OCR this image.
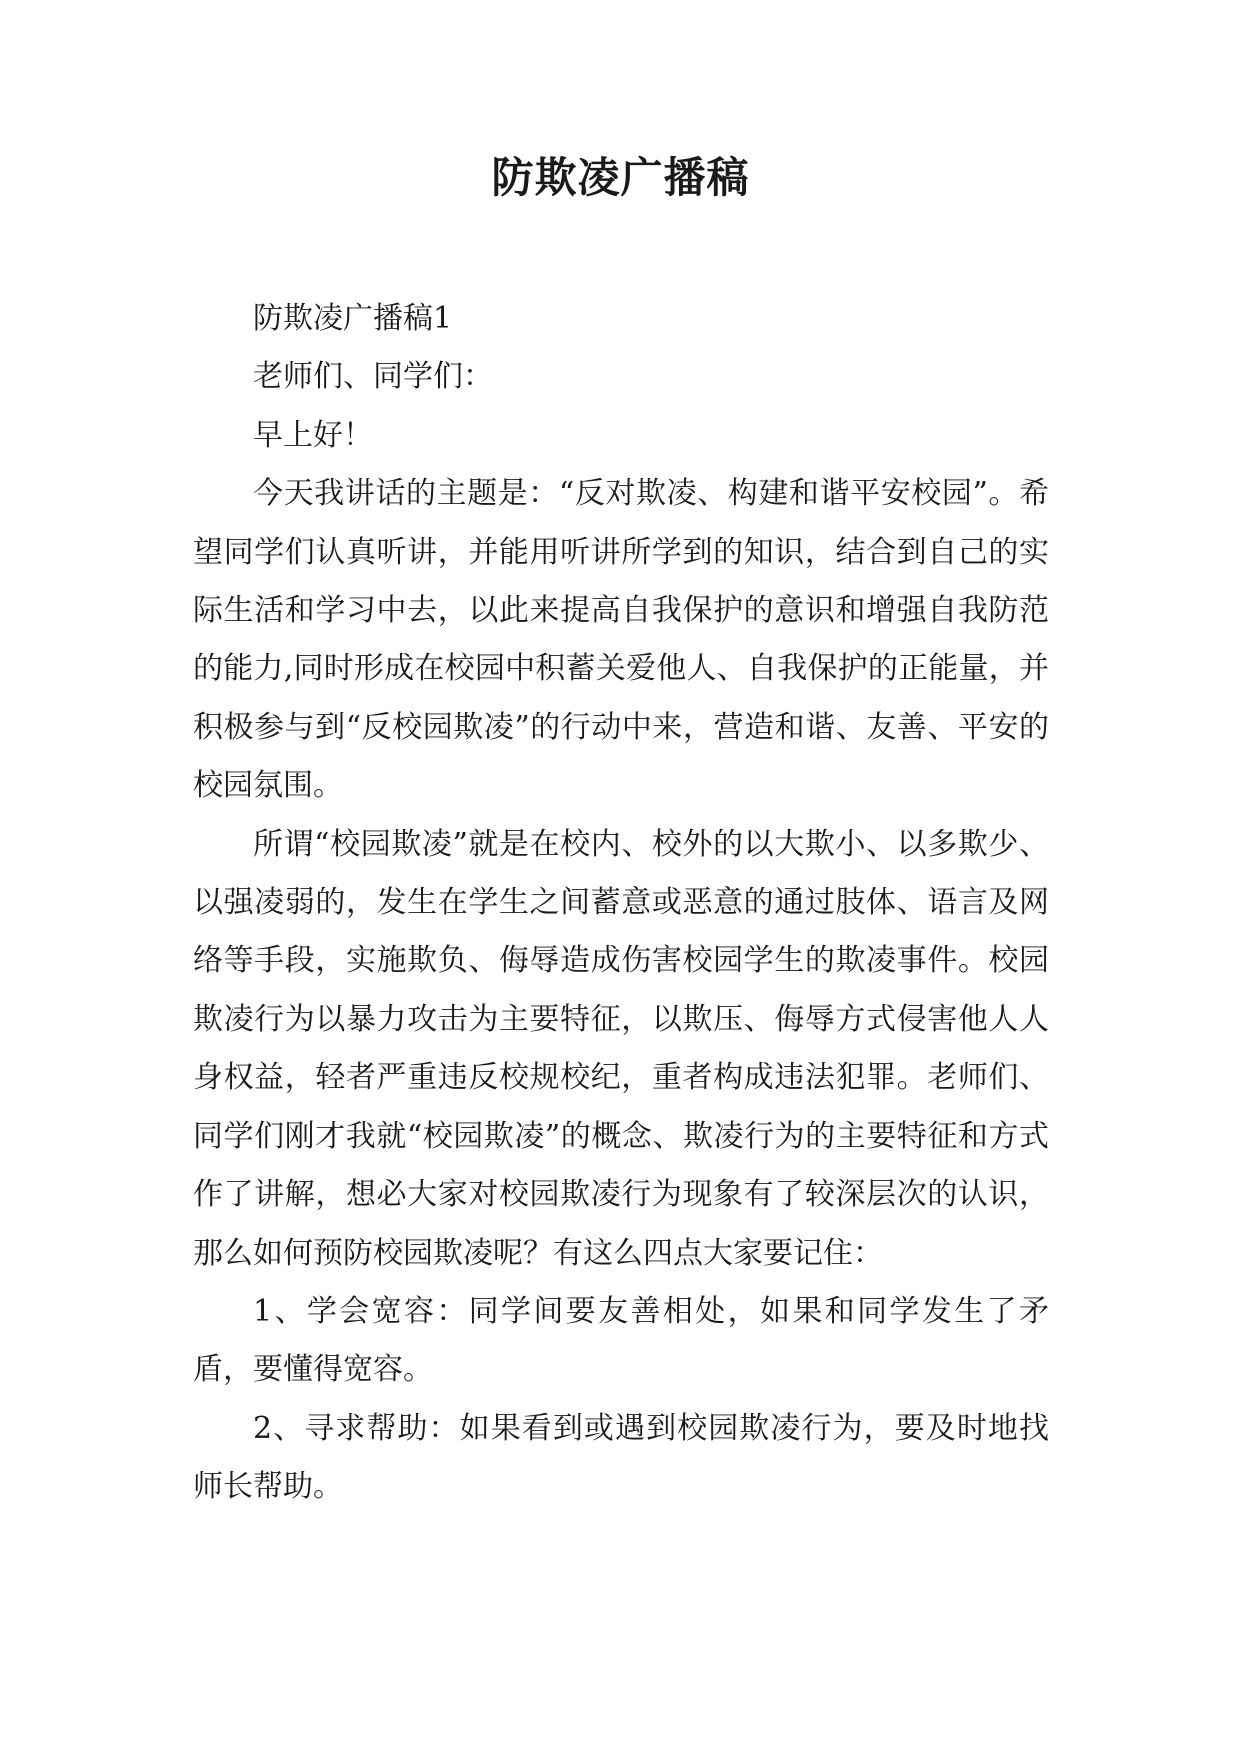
防欺凌广播稿

防欺凌广播稿1

老师们、同学们：

早上好！

今天我讲话的主题是：“反对欺凌、构建和谐平安校园”。希望同学们认真听讲，并能用听讲所学到的知识，结合到自己的实际生活和学习中去，以此来提高自我保护的意识和增强自我防范的能力,同时形成在校园中积蓄关爱他人、自我保护的正能量，并积极参与到“反校园欺凌”的行动中来，营造和谐、友善、平安的校园氛围。

所谓“校园欺凌”就是在校内、校外的以大欺小、以多欺少、以强凌弱的，发生在学生之间蓄意或恶意的通过肢体、语言及网络等手段，实施欺负、侮辱造成伤害校园学生的欺凌事件。校园欺凌行为以暴力攻击为主要特征，以欺压、侮辱方式侵害他人人身权益，轻者严重违反校规校纪，重者构成违法犯罪。老师们、同学们刚才我就“校园欺凌”的概念、欺凌行为的主要特征和方式作了讲解，想必大家对校园欺凌行为现象有了较深层次的认识，那么如何预防校园欺凌呢？有这么四点大家要记住：

1、学会宽容：同学间要友善相处，如果和同学发生了矛盾，要懂得宽容。

2、寻求帮助：如果看到或遇到校园欺凌行为，要及时地找师长帮助。
